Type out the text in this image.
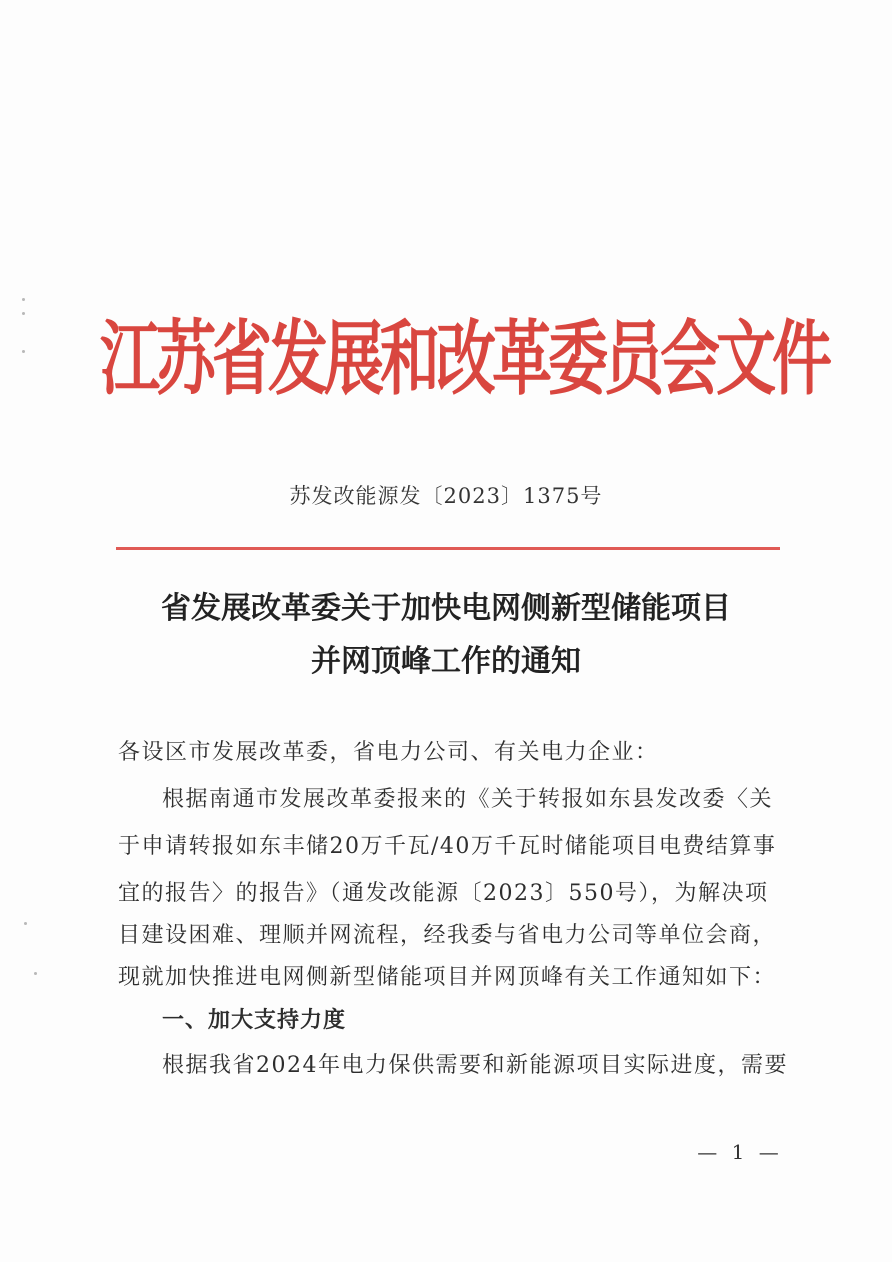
江苏省发展和改革委员会文件
苏发改能源发〔2023〕1375号
省发展改革委关于加快电网侧新型储能项目
并网顶峰工作的通知
各设区市发展改革委，省电力公司、有关电力企业：
根据南通市发展改革委报来的《关于转报如东县发改委〈关
于申请转报如东丰储20万千瓦/40万千瓦时储能项目电费结算事
宜的报告〉的报告》（通发改能源〔2023〕550号），为解决项
目建设困难、理顺并网流程，经我委与省电力公司等单位会商，
现就加快推进电网侧新型储能项目并网顶峰有关工作通知如下：
一、加大支持力度
根据我省2024年电力保供需要和新能源项目实际进度，需要
— 1 —
